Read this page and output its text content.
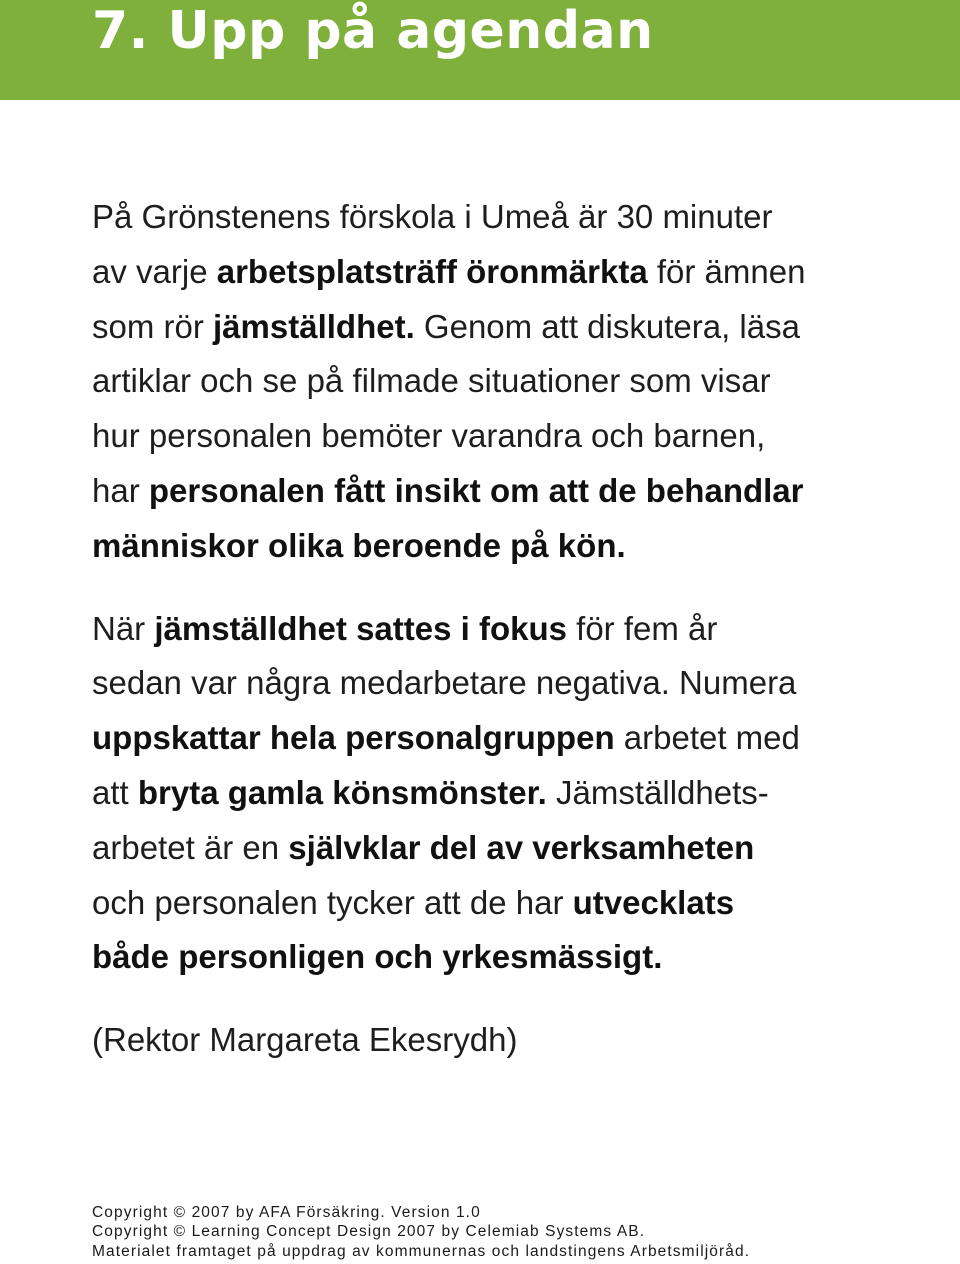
7. Upp på agendan
På Grönstenens förskola i Umeå är 30 minuter
av varje arbetsplatsträff öronmärkta för ämnen
som rör jämställdhet. Genom att diskutera, läsa
artiklar och se på filmade situationer som visar
hur personalen bemöter varandra och barnen,
har personalen fått insikt om att de behandlar
människor olika beroende på kön.
När jämställdhet sattes i fokus för fem år
sedan var några medarbetare negativa. Numera
uppskattar hela personalgruppen arbetet med
att bryta gamla könsmönster. Jämställdhets-
arbetet är en självklar del av verksamheten
och personalen tycker att de har utvecklats
både personligen och yrkesmässigt.
(Rektor Margareta Ekesrydh)

Copyright © 2007 by AFA Försäkring. Version 1.0

Copyright © Learning Concept Design 2007 by Celemiab Systems AB.

Materialet framtaget på uppdrag av kommunernas och landstingens Arbetsmiljöråd.
